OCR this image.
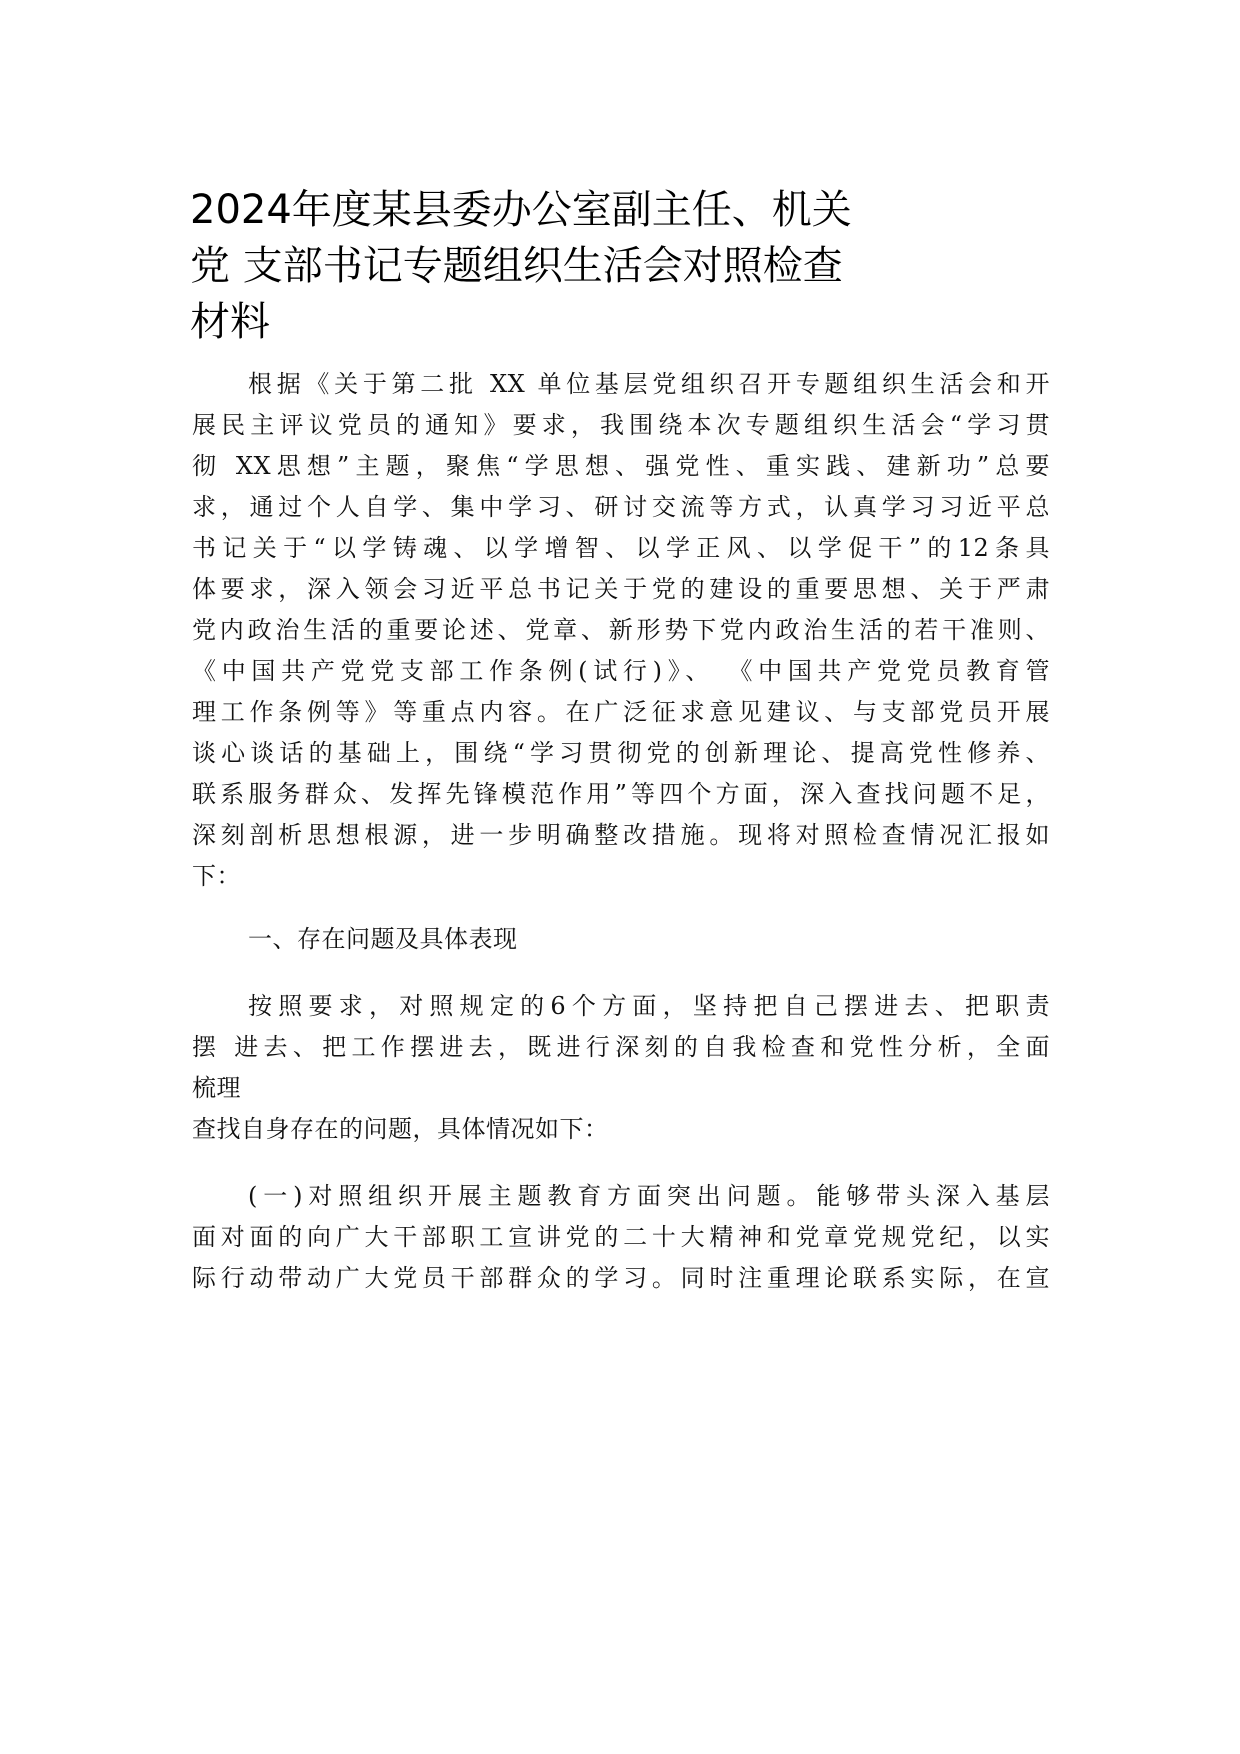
2024年度某县委办公室副主任、机关
党 支部书记专题组织生活会对照检查
材料
根据《关于第二批 XX 单位基层党组织召开专题组织生活会和开
展民主评议党员的通知》要求，我围绕本次专题组织生活会“学习贯
彻 XX思想”主题，聚焦“学思想、强党性、重实践、建新功”总要
求，通过个人自学、集中学习、研讨交流等方式，认真学习习近平总
书记关于“以学铸魂、以学增智、以学正风、以学促干”的12条具
体要求，深入领会习近平总书记关于党的建设的重要思想、关于严肃
党内政治生活的重要论述、党章、新形势下党内政治生活的若干准则、
《中国共产党党支部工作条例(试行)》、 《中国共产党党员教育管
理工作条例等》等重点内容。在广泛征求意见建议、与支部党员开展
谈心谈话的基础上，围绕“学习贯彻党的创新理论、提高党性修养、
联系服务群众、发挥先锋模范作用”等四个方面，深入查找问题不足，
深刻剖析思想根源，进一步明确整改措施。现将对照检查情况汇报如
下：
一、存在问题及具体表现
按照要求，对照规定的6个方面，坚持把自己摆进去、把职责
摆 进去、把工作摆进去，既进行深刻的自我检查和党性分析，全面
梳理
查找自身存在的问题，具体情况如下：
(一)对照组织开展主题教育方面突出问题。能够带头深入基层
面对面的向广大干部职工宣讲党的二十大精神和党章党规党纪，以实
际行动带动广大党员干部群众的学习。同时注重理论联系实际，在宣
